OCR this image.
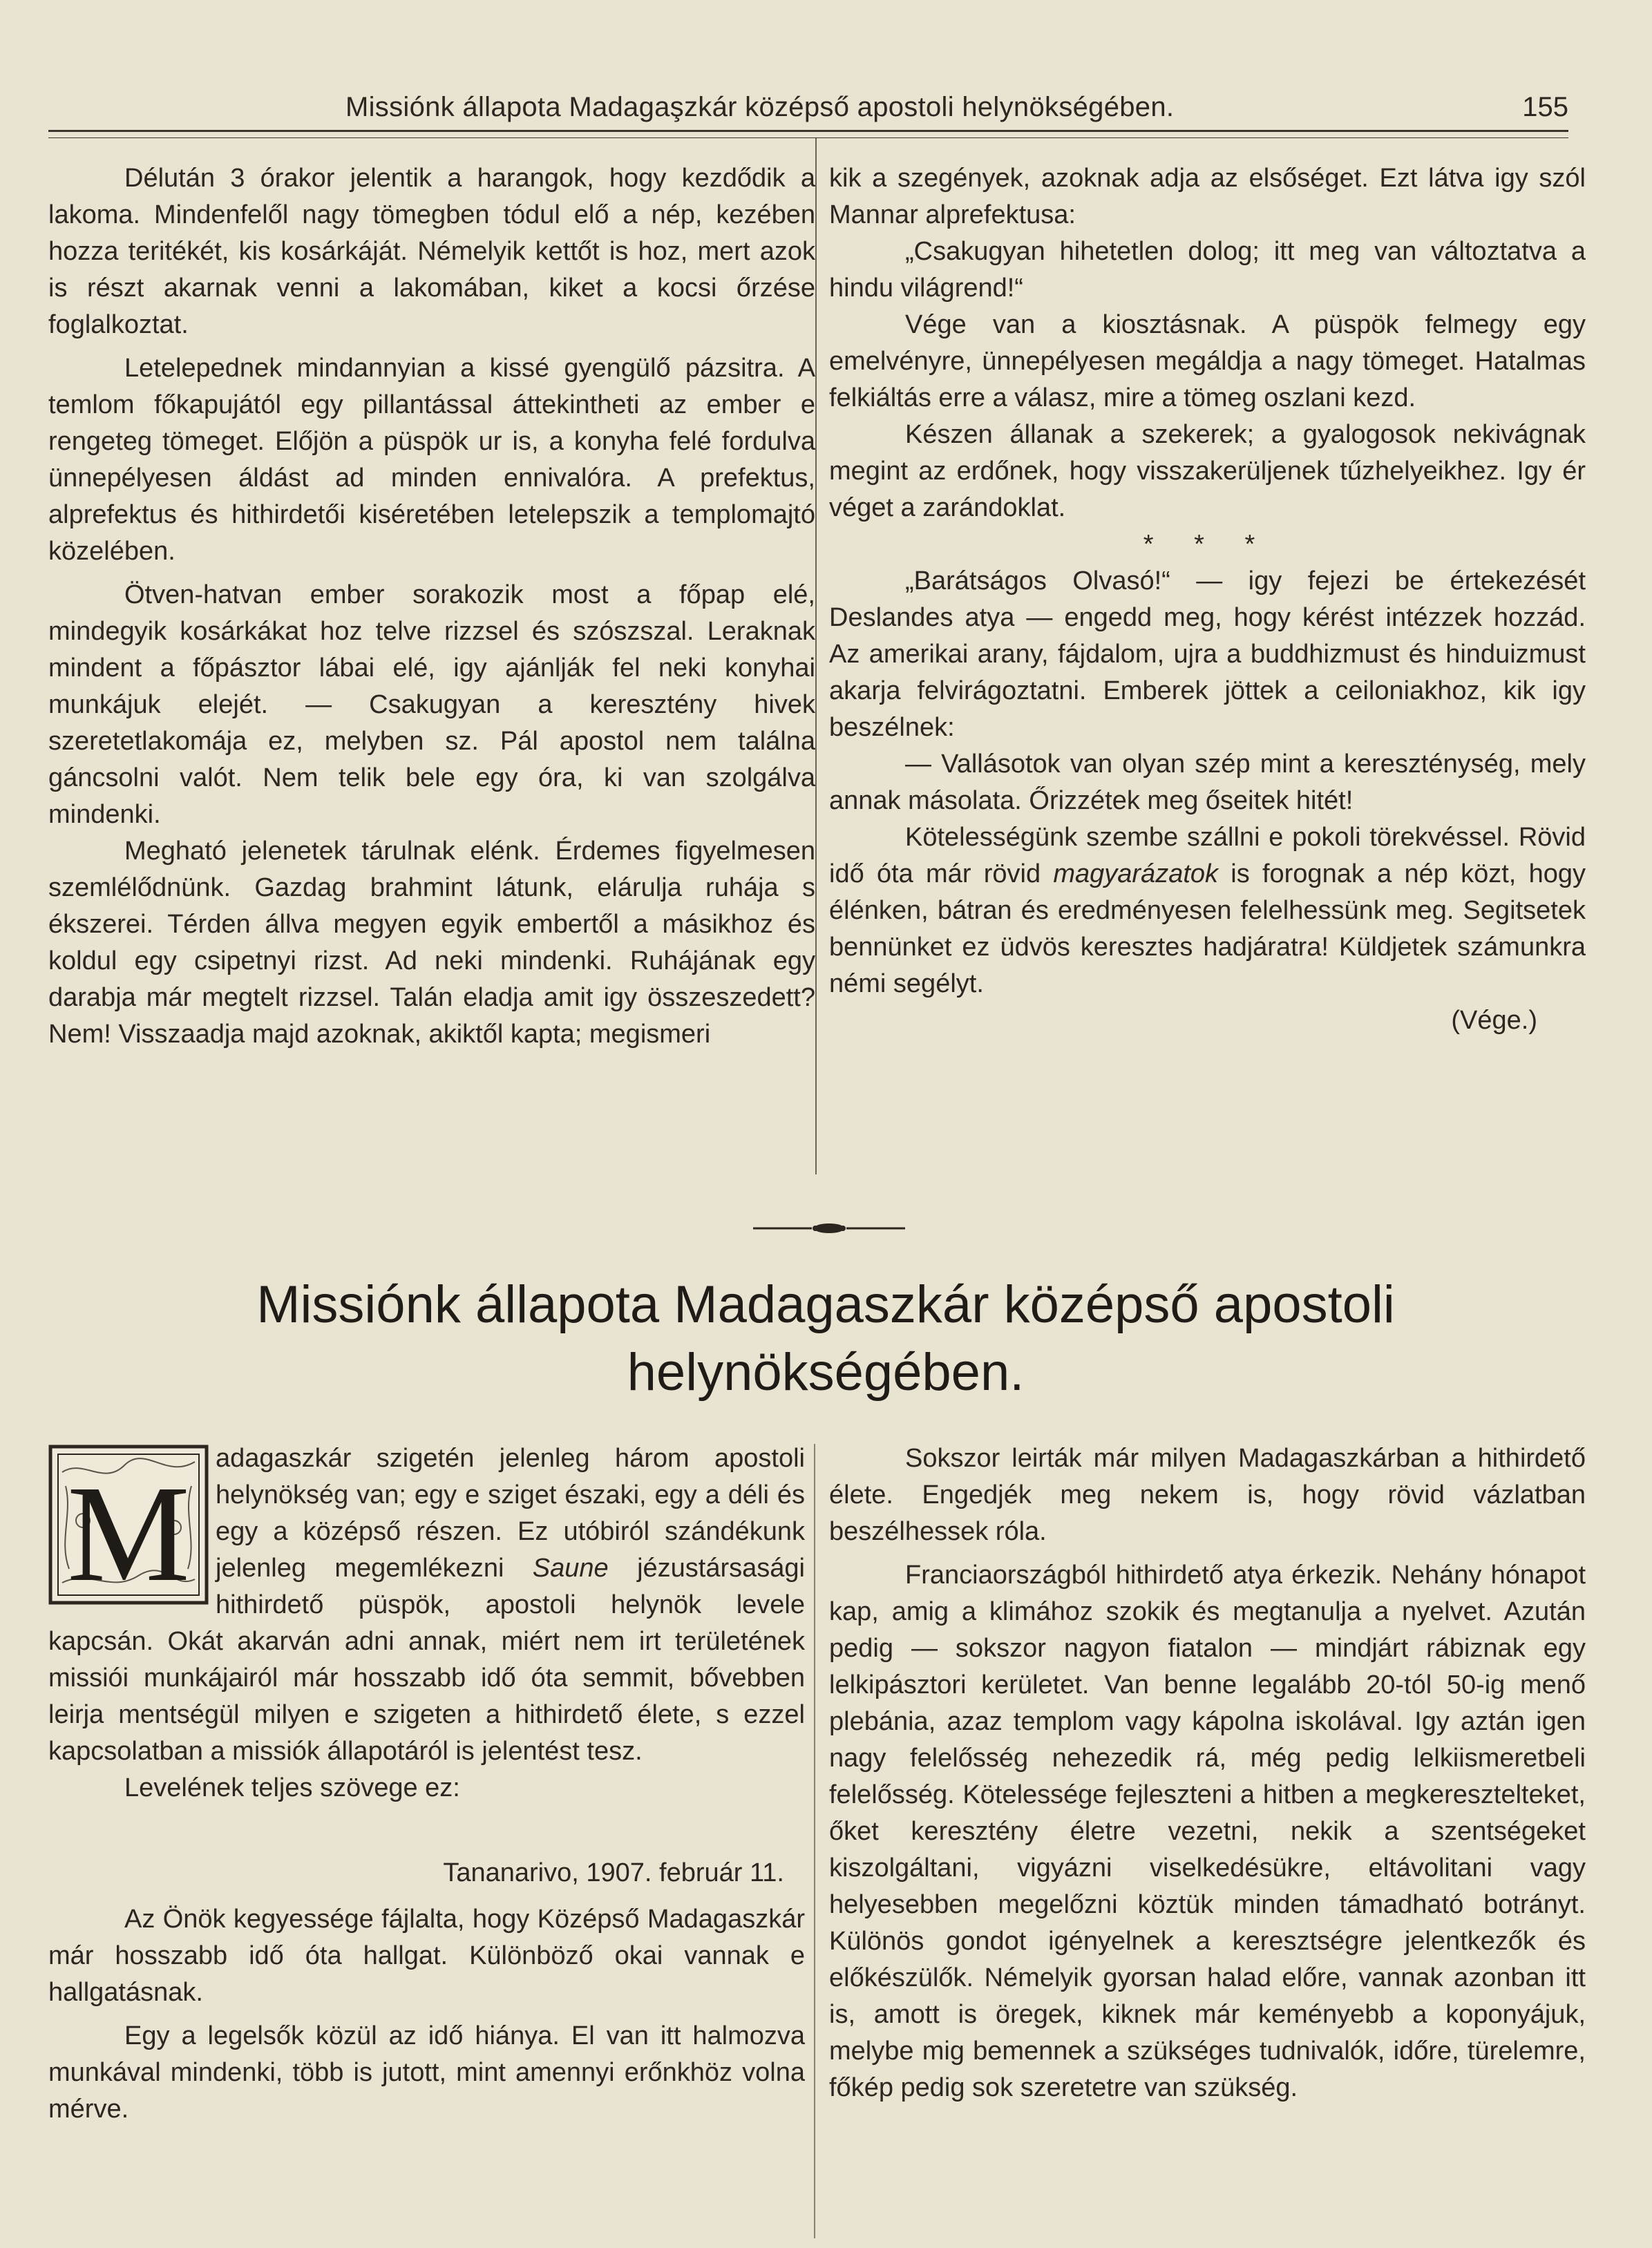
Missiónk állapota Madagaşzkár középső apostoli helynökségében.	155

Délután 3 órakor jelentik a harangok, hogy kezdődik a lakoma. Mindenfelől nagy tömegben tódul elő a nép, kezében hozza teritékét, kis kosárkáját. Némelyik kettőt is hoz, mert azok is részt akarnak venni a lakomában, kiket a kocsi őrzése foglalkoztat.

Letelepednek mindannyian a kissé gyengülő pázsitra. A temlom főkapujától egy pillantással áttekintheti az ember e rengeteg tömeget. Előjön a püspök ur is, a konyha felé fordulva ünnepélyesen áldást ad minden ennivalóra. A prefektus, alprefektus és hithirdetői kiséretében letelepszik a templomajtó közelében.

Ötven-hatvan ember sorakozik most a főpap elé, mindegyik kosárkákat hoz telve rizzsel és szószszal. Leraknak mindent a főpásztor lábai elé, igy ajánlják fel neki konyhai munkájuk elejét. — Csakugyan a keresztény hivek szeretetlakomája ez, melyben sz. Pál apostol nem találna gáncsolni valót. Nem telik bele egy óra, ki van szolgálva mindenki.

Megható jelenetek tárulnak elénk. Érdemes figyelmesen szemlélődnünk. Gazdag brahmint látunk, elárulja ruhája s ékszerei. Térden állva megyen egyik embertől a másikhoz és koldul egy csipetnyi rizst. Ad neki mindenki. Ruhájának egy darabja már megtelt rizzsel. Talán eladja amit igy összeszedett? Nem! Visszaadja majd azoknak, akiktől kapta; megismeri

kik a szegények, azoknak adja az elsőséget. Ezt látva igy szól Mannar alprefektusa:

„Csakugyan hihetetlen dolog; itt meg van változtatva a hindu világrend!“

Vége van a kiosztásnak. A püspök felmegy egy emelvényre, ünnepélyesen megáldja a nagy tömeget. Hatalmas felkiáltás erre a válasz, mire a tömeg oszlani kezd.

Készen állanak a szekerek; a gyalogosok nekivágnak megint az erdőnek, hogy visszakerüljenek tűzhelyeikhez. Igy ér véget a zarándoklat.

* * *

„Barátságos Olvasó!“ — igy fejezi be értekezését Deslandes atya — engedd meg, hogy kérést intézzek hozzád. Az amerikai arany, fájdalom, ujra a buddhizmust és hinduizmust akarja felvirágoztatni. Emberek jöttek a ceiloniakhoz, kik igy beszélnek:

— Vallásotok van olyan szép mint a kereszténység, mely annak másolata. Őrizzétek meg őseitek hitét!

Kötelességünk szembe szállni e pokoli törekvéssel. Rövid idő óta már rövid magyarázatok is forognak a nép közt, hogy élénken, bátran és eredményesen felelhessünk meg. Segitsetek bennünket ez üdvös keresztes hadjáratra! Küldjetek számunkra némi segélyt.

(Vége.)

Missiónk állapota Madagaszkár középső apostoli helynökségében.

M adagaszkár szigetén jelenleg három apostoli helynökség van; egy e sziget északi, egy a déli és egy a középső részen. Ez utóbiról szándékunk jelenleg megemlékezni Saune jézustársasági hithirdető püspök, apostoli helynök levele kapcsán. Okát akarván adni annak, miért nem irt területének missiói munkájairól már hosszabb idő óta semmit, bővebben leirja mentségül milyen e szigeten a hithirdető élete, s ezzel kapcsolatban a missiók állapotáról is jelentést tesz.

Levelének teljes szövege ez:

Tananarivo, 1907. február 11.

Az Önök kegyessége fájlalta, hogy Középső Madagaszkár már hosszabb idő óta hallgat. Különböző okai vannak e hallgatásnak.

Egy a legelsők közül az idő hiánya. El van itt halmozva munkával mindenki, több is jutott, mint amennyi erőnkhöz volna mérve.

Sokszor leirták már milyen Madagaszkárban a hithirdető élete. Engedjék meg nekem is, hogy rövid vázlatban beszélhessek róla.

Franciaországból hithirdető atya érkezik. Nehány hónapot kap, amig a klimához szokik és megtanulja a nyelvet. Azután pedig — sokszor nagyon fiatalon — mindjárt rábiznak egy lelkipásztori kerületet. Van benne legalább 20-tól 50-ig menő plebánia, azaz templom vagy kápolna iskolával. Igy aztán igen nagy felelősség nehezedik rá, még pedig lelkiismeretbeli felelősség. Kötelessége fejleszteni a hitben a megkeresztelteket, őket keresztény életre vezetni, nekik a szentségeket kiszolgáltani, vigyázni viselkedésükre, eltávolitani vagy helyesebben megelőzni köztük minden támadható botrányt. Különös gondot igényelnek a keresztségre jelentkezők és előkészülők. Némelyik gyorsan halad előre, vannak azonban itt is, amott is öregek, kiknek már keményebb a koponyájuk, melybe mig bemennek a szükséges tudnivalók, időre, türelemre, főkép pedig sok szeretetre van szükség.
